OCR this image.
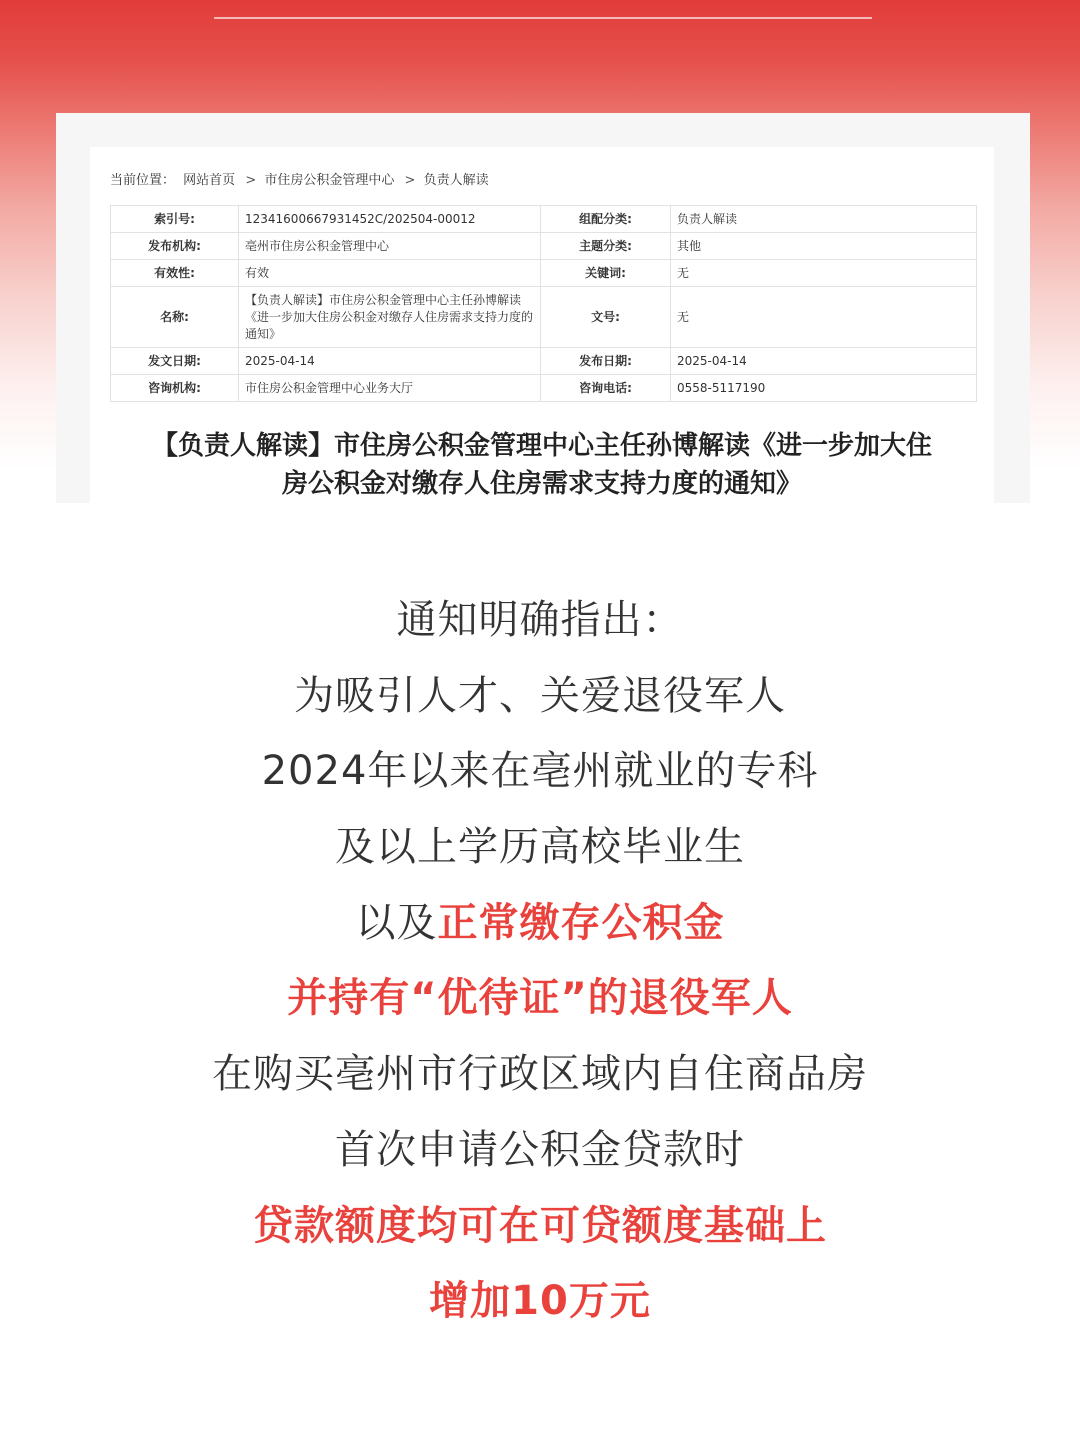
当前位置： 网站首页 > 市住房公积金管理中心 > 负责人解读
索引号:	12341600667931452C/202504-00012	组配分类:	负责人解读
发布机构:	亳州市住房公积金管理中心	主题分类:	其他
有效性:	有效	关键词:	无
名称:	【负责人解读】市住房公积金管理中心主任孙博解读《进一步加大住房公积金对缴存人住房需求支持力度的通知》	文号:	无
发文日期:	2025-04-14	发布日期:	2025-04-14
咨询机构:	市住房公积金管理中心业务大厅	咨询电话:	0558-5117190
【负责人解读】市住房公积金管理中心主任孙博解读《进一步加大住
房公积金对缴存人住房需求支持力度的通知》
通知明确指出：
为吸引人才、关爱退役军人
2024年以来在亳州就业的专科
及以上学历高校毕业生
以及正常缴存公积金
并持有“优待证”的退役军人
在购买亳州市行政区域内自住商品房
首次申请公积金贷款时
贷款额度均可在可贷额度基础上
增加10万元
